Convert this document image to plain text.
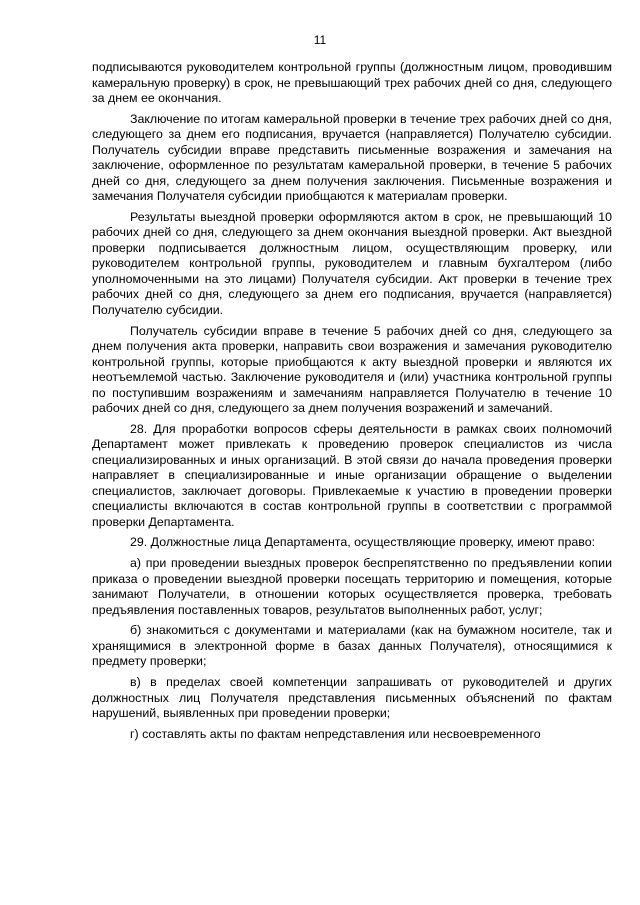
11

подписываются руководителем контрольной группы (должностным лицом, проводившим камеральную проверку) в срок, не превышающий трех рабочих дней со дня, следующего за днем ее окончания.

Заключение по итогам камеральной проверки в течение трех рабочих дней со дня, следующего за днем его подписания, вручается (направляется) Получателю субсидии. Получатель субсидии вправе представить письменные возражения и замечания на заключение, оформленное по результатам камеральной проверки, в течение 5 рабочих дней со дня, следующего за днем получения заключения. Письменные возражения и замечания Получателя субсидии приобщаются к материалам проверки.

Результаты выездной проверки оформляются актом в срок, не превышающий 10 рабочих дней со дня, следующего за днем окончания выездной проверки. Акт выездной проверки подписывается должностным лицом, осуществляющим проверку, или руководителем контрольной группы, руководителем и главным бухгалтером (либо уполномоченными на это лицами) Получателя субсидии. Акт проверки в течение трех рабочих дней со дня, следующего за днем его подписания, вручается (направляется) Получателю субсидии.

Получатель субсидии вправе в течение 5 рабочих дней со дня, следующего за днем получения акта проверки, направить свои возражения и замечания руководителю контрольной группы, которые приобщаются к акту выездной проверки и являются их неотъемлемой частью. Заключение руководителя и (или) участника контрольной группы по поступившим возражениям и замечаниям направляется Получателю в течение 10 рабочих дней со дня, следующего за днем получения возражений и замечаний.

28. Для проработки вопросов сферы деятельности в рамках своих полномочий Департамент может привлекать к проведению проверок специалистов из числа специализированных и иных организаций. В этой связи до начала проведения проверки направляет в специализированные и иные организации обращение о выделении специалистов, заключает договоры. Привлекаемые к участию в проведении проверки специалисты включаются в состав контрольной группы в соответствии с программой проверки Департамента.

29. Должностные лица Департамента, осуществляющие проверку, имеют право:

а) при проведении выездных проверок беспрепятственно по предъявлении копии приказа о проведении выездной проверки посещать территорию и помещения, которые занимают Получатели, в отношении которых осуществляется проверка, требовать предъявления поставленных товаров, результатов выполненных работ, услуг;

б) знакомиться с документами и материалами (как на бумажном носителе, так и хранящимися в электронной форме в базах данных Получателя), относящимися к предмету проверки;

в) в пределах своей компетенции запрашивать от руководителей и других должностных лиц Получателя представления письменных объяснений по фактам нарушений, выявленных при проведении проверки;

г) составлять акты по фактам непредставления или несвоевременного
